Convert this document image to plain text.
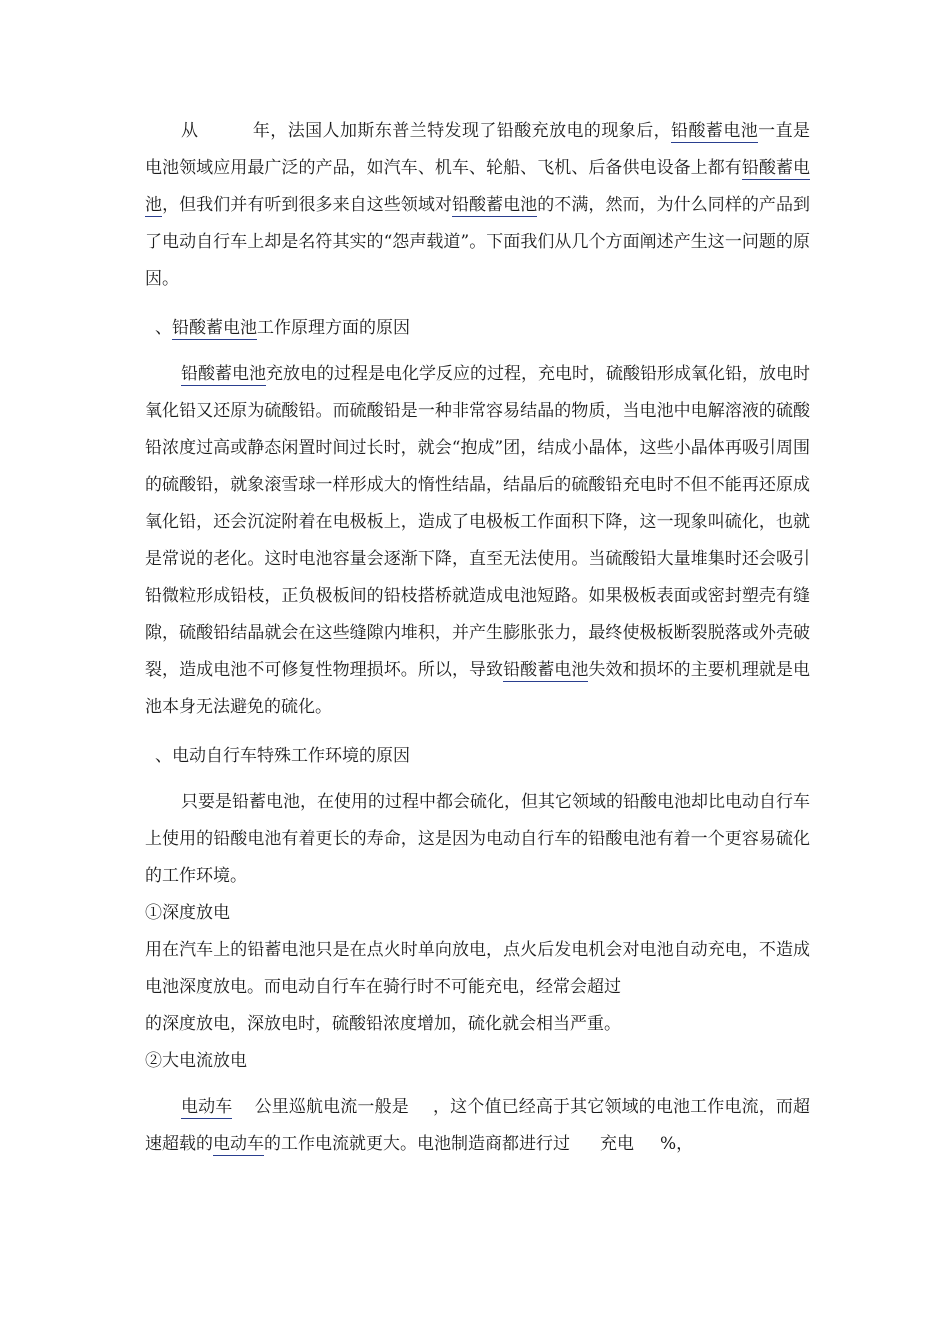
从	年，法国人加斯东普兰特发现了铅酸充放电的现象后，铅酸蓄电池一直是电池领域应用最广泛的产品，如汽车、机车、轮船、飞机、后备供电设备上都有铅酸蓄电池，但我们并有听到很多来自这些领域对铅酸蓄电池的不满，然而，为什么同样的产品到了电动自行车上却是名符其实的“怨声载道”。下面我们从几个方面阐述产生这一问题的原因。

、铅酸蓄电池工作原理方面的原因

铅酸蓄电池充放电的过程是电化学反应的过程，充电时，硫酸铅形成氧化铅，放电时氧化铅又还原为硫酸铅。而硫酸铅是一种非常容易结晶的物质，当电池中电解溶液的硫酸铅浓度过高或静态闲置时间过长时，就会“抱成”团，结成小晶体，这些小晶体再吸引周围的硫酸铅，就象滚雪球一样形成大的惰性结晶，结晶后的硫酸铅充电时不但不能再还原成氧化铅，还会沉淀附着在电极板上，造成了电极板工作面积下降，这一现象叫硫化，也就是常说的老化。这时电池容量会逐渐下降，直至无法使用。当硫酸铅大量堆集时还会吸引铅微粒形成铅枝，正负极板间的铅枝搭桥就造成电池短路。如果极板表面或密封塑壳有缝隙，硫酸铅结晶就会在这些缝隙内堆积，并产生膨胀张力，最终使极板断裂脱落或外壳破裂，造成电池不可修复性物理损坏。所以，导致铅酸蓄电池失效和损坏的主要机理就是电池本身无法避免的硫化。

、电动自行车特殊工作环境的原因

只要是铅蓄电池，在使用的过程中都会硫化，但其它领域的铅酸电池却比电动自行车上使用的铅酸电池有着更长的寿命，这是因为电动自行车的铅酸电池有着一个更容易硫化的工作环境。

①深度放电

用在汽车上的铅蓄电池只是在点火时单向放电，点火后发电机会对电池自动充电，不造成电池深度放电。而电动自行车在骑行时不可能充电，经常会超过
的深度放电，深放电时，硫酸铅浓度增加，硫化就会相当严重。

②大电流放电

电动车 公里巡航电流一般是 ，这个值已经高于其它领域的电池工作电流，而超速超载的电动车的工作电流就更大。电池制造商都进行过 充电 %，
